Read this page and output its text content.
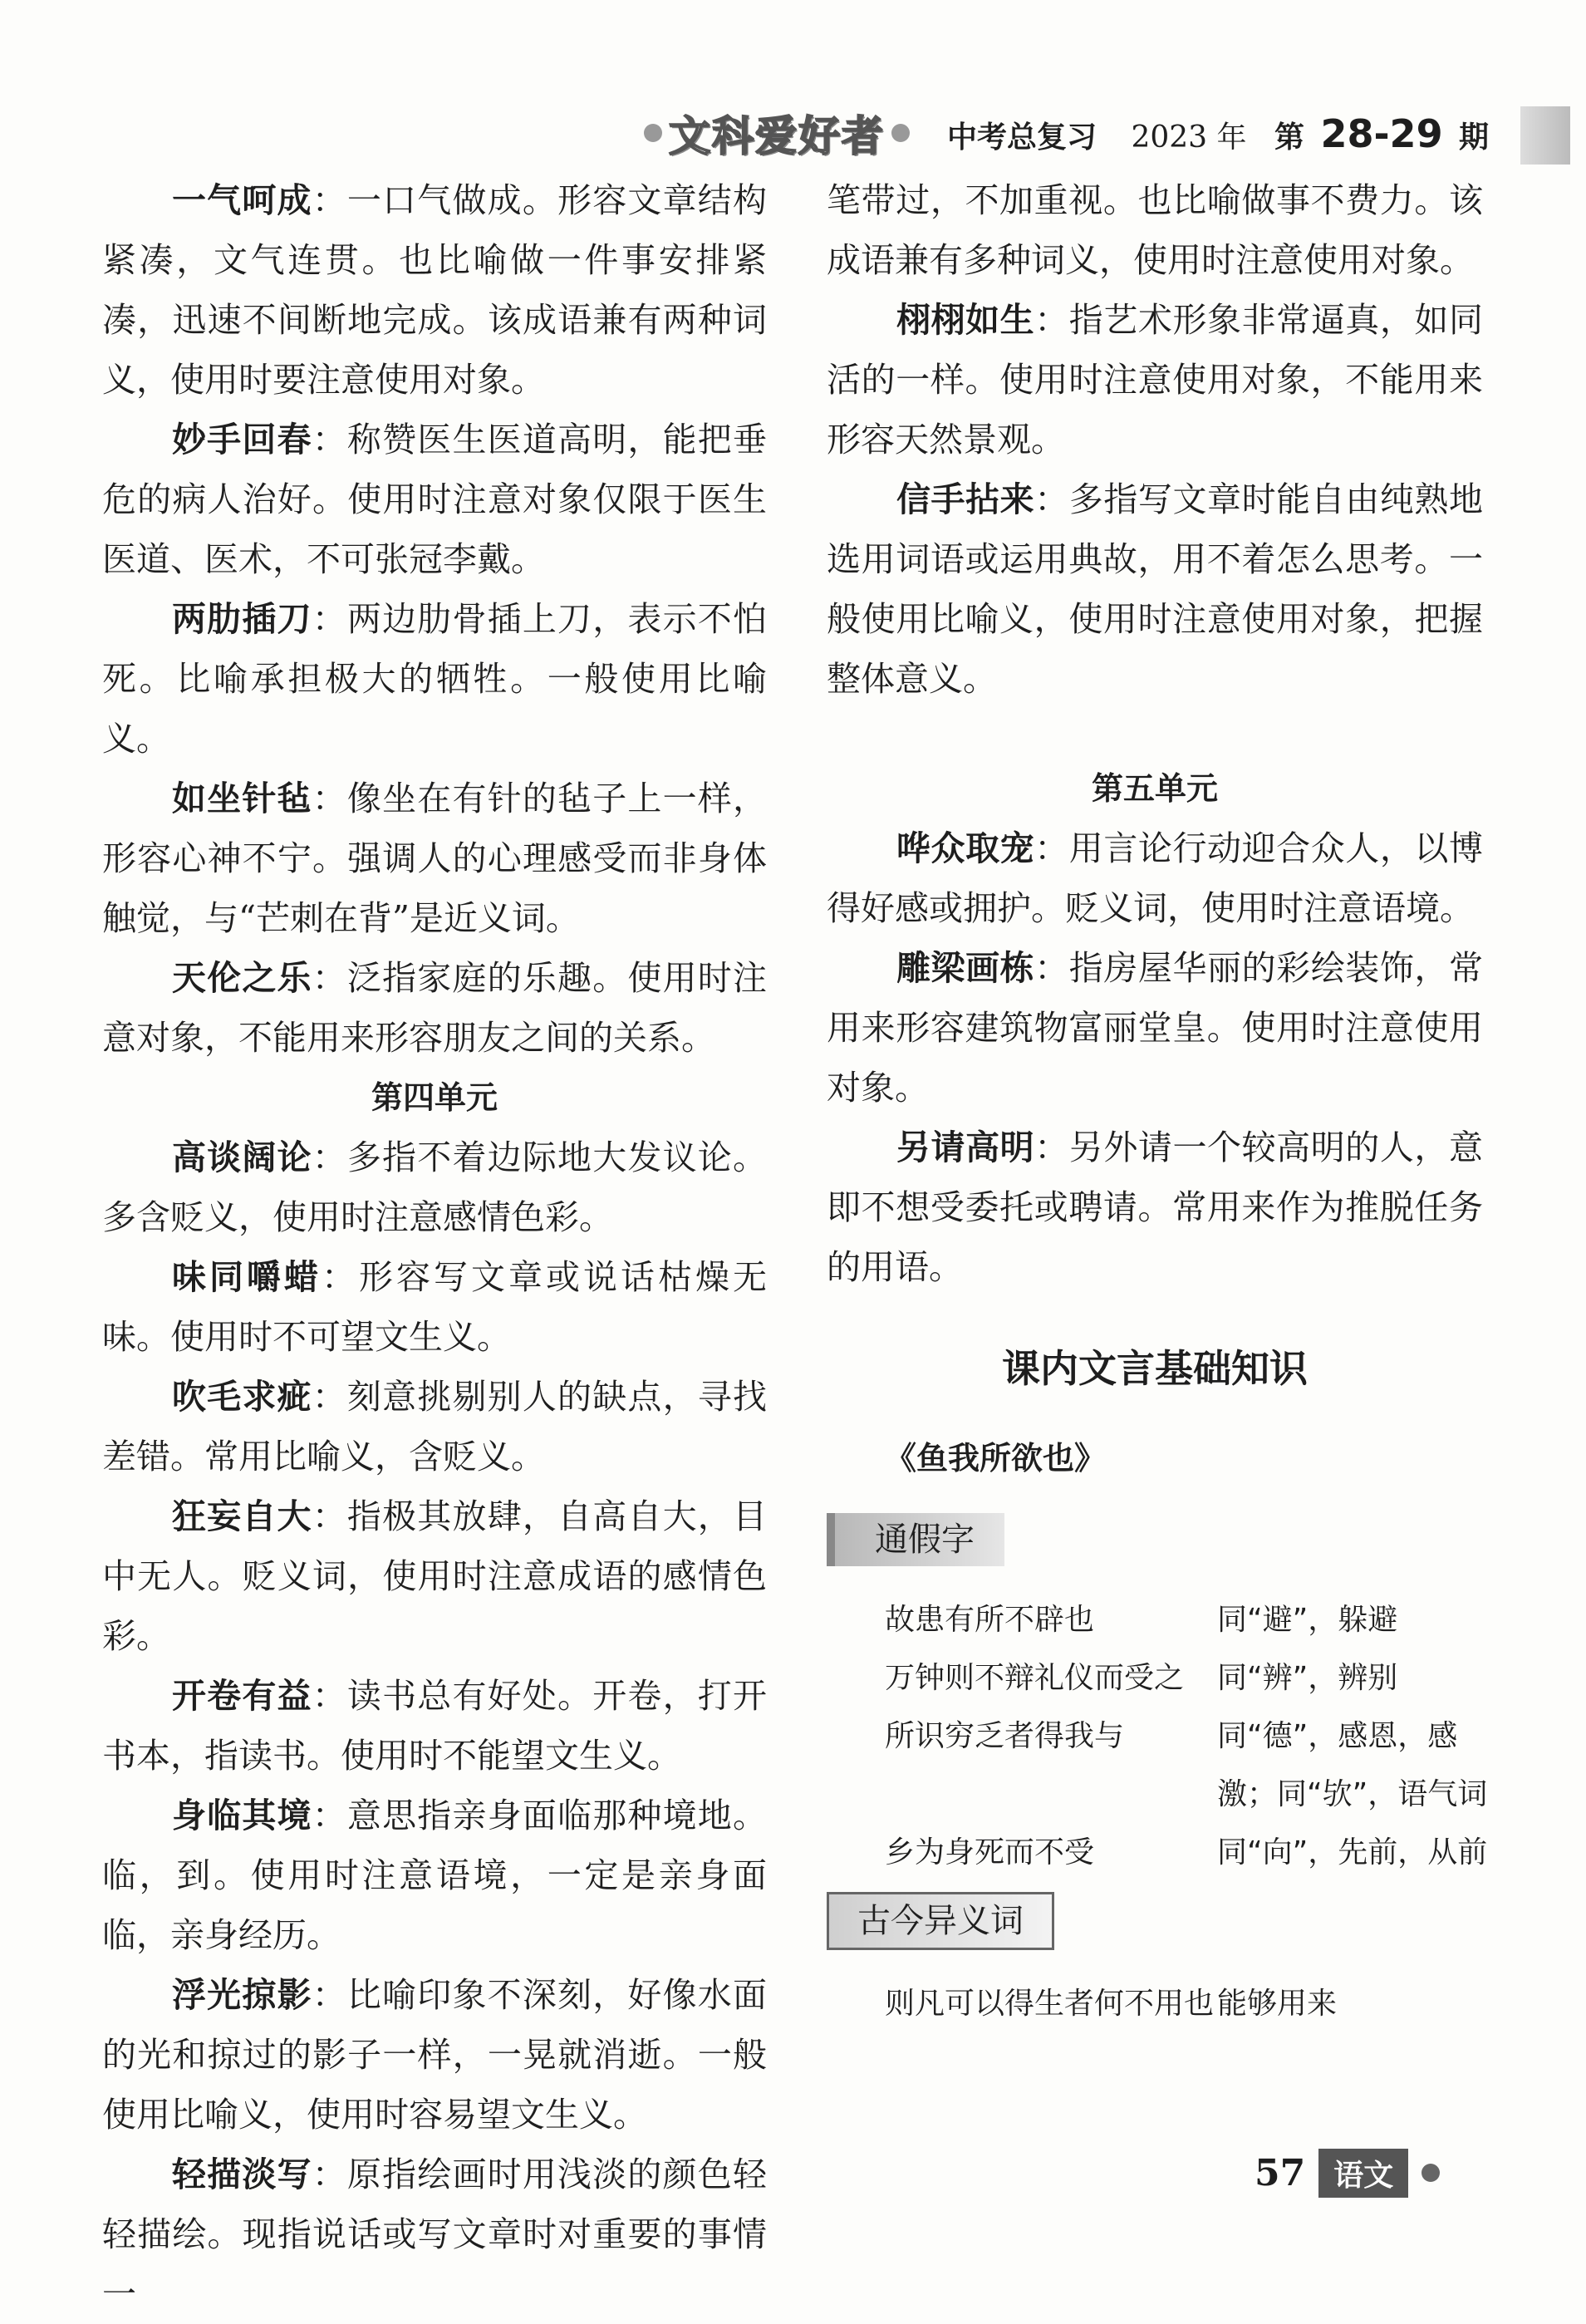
文科爱好者 中考总复习 2023 年 第 28-29 期

一气呵成：一口气做成。形容文章结构紧凑，文气连贯。也比喻做一件事安排紧凑，迅速不间断地完成。该成语兼有两种词义，使用时要注意使用对象。

妙手回春：称赞医生医道高明，能把垂危的病人治好。使用时注意对象仅限于医生医道、医术，不可张冠李戴。

两肋插刀：两边肋骨插上刀，表示不怕死。比喻承担极大的牺牲。一般使用比喻义。

如坐针毡：像坐在有针的毡子上一样，形容心神不宁。强调人的心理感受而非身体触觉，与“芒刺在背”是近义词。

天伦之乐：泛指家庭的乐趣。使用时注意对象，不能用来形容朋友之间的关系。

第四单元

高谈阔论：多指不着边际地大发议论。多含贬义，使用时注意感情色彩。

味同嚼蜡：形容写文章或说话枯燥无味。使用时不可望文生义。

吹毛求疵：刻意挑剔别人的缺点，寻找差错。常用比喻义，含贬义。

狂妄自大：指极其放肆，自高自大，目中无人。贬义词，使用时注意成语的感情色彩。

开卷有益：读书总有好处。开卷，打开书本，指读书。使用时不能望文生义。

身临其境：意思指亲身面临那种境地。临，到。使用时注意语境，一定是亲身面临，亲身经历。

浮光掠影：比喻印象不深刻，好像水面的光和掠过的影子一样，一晃就消逝。一般使用比喻义，使用时容易望文生义。

轻描淡写：原指绘画时用浅淡的颜色轻轻描绘。现指说话或写文章时对重要的事情一

笔带过，不加重视。也比喻做事不费力。该成语兼有多种词义，使用时注意使用对象。

栩栩如生：指艺术形象非常逼真，如同活的一样。使用时注意使用对象，不能用来形容天然景观。

信手拈来：多指写文章时能自由纯熟地选用词语或运用典故，用不着怎么思考。一般使用比喻义，使用时注意使用对象，把握整体意义。

第五单元

哗众取宠：用言论行动迎合众人，以博得好感或拥护。贬义词，使用时注意语境。

雕梁画栋：指房屋华丽的彩绘装饰，常用来形容建筑物富丽堂皇。使用时注意使用对象。

另请高明：另外请一个较高明的人，意即不想受委托或聘请。常用来作为推脱任务的用语。

课内文言基础知识

《鱼我所欲也》

通假字
故患有所不辟也	同“避”，躲避
万钟则不辩礼仪而受之	同“辨”，辨别
所识穷乏者得我与	同“德”，感恩，感激；同“欤”，语气词
乡为身死而不受	同“向”，先前，从前
古今异义词
则凡可以得生者何不用也 能够用来
57 语文
